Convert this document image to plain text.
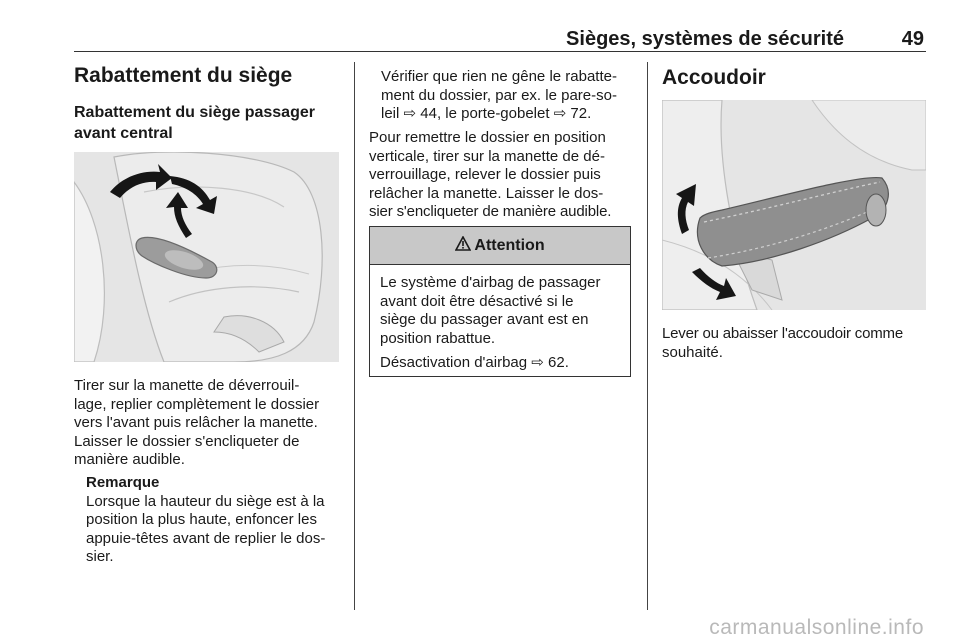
Sièges, systèmes de sécurité	49
Rabattement du siège
Rabattement du siège passager
avant central
Tirer sur la manette de déverrouil-
lage, replier complètement le dossier
vers l'avant puis relâcher la manette.
Laisser le dossier s'encliqueter de
manière audible.
Remarque
Lorsque la hauteur du siège est à la
position la plus haute, enfoncer les
appuie-têtes avant de replier le dos-
sier.
Vérifier que rien ne gêne le rabatte-
ment du dossier, par ex. le pare-so-
leil ⇨ 44, le porte-gobelet ⇨ 72.
Pour remettre le dossier en position
verticale, tirer sur la manette de dé-
verrouillage, relever le dossier puis
relâcher la manette. Laisser le dos-
sier s'encliqueter de manière audible.
Attention
Le système d'airbag de passager
avant doit être désactivé si le
siège du passager avant est en
position rabattue.
Désactivation d'airbag ⇨ 62.
Accoudoir
Lever ou abaisser l'accoudoir comme
souhaité.
carmanualsonline.info
